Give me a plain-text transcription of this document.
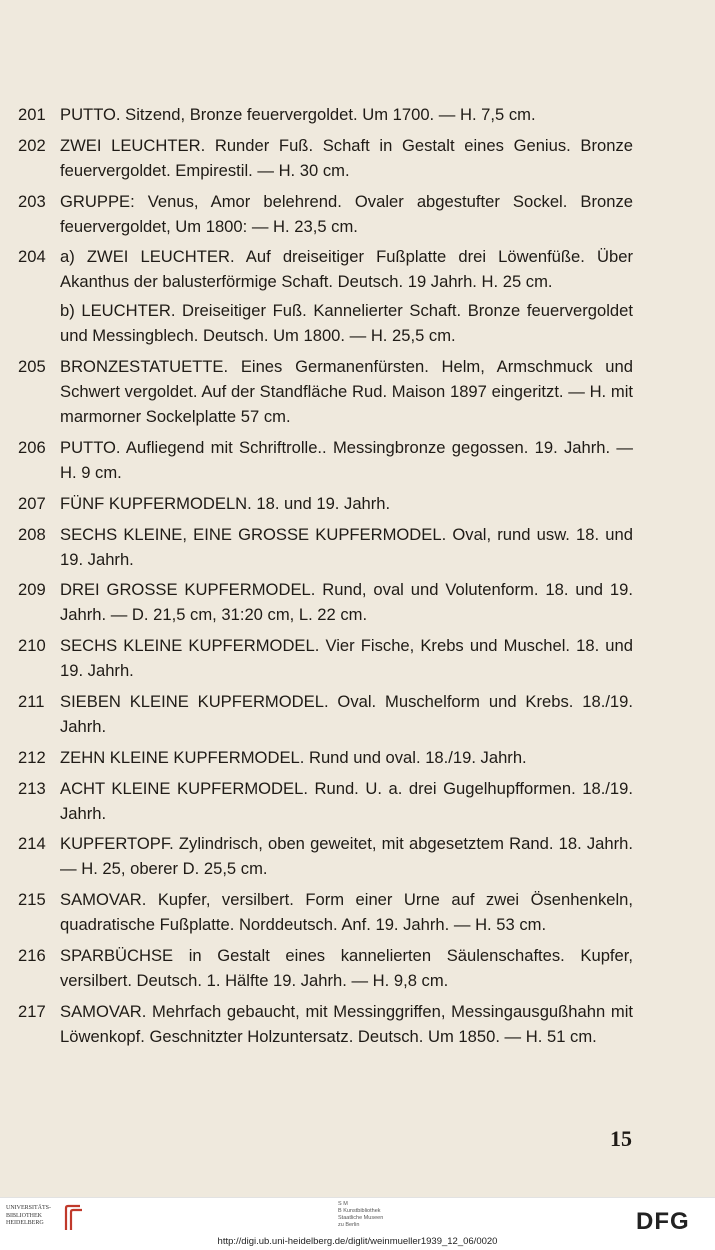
201 PUTTO. Sitzend, Bronze feuervergoldet. Um 1700. — H. 7,5 cm.
202 ZWEI LEUCHTER. Runder Fuß. Schaft in Gestalt eines Genius. Bronze feuervergoldet. Empirestil. — H. 30 cm.
203 GRUPPE: Venus, Amor belehrend. Ovaler abgestufter Sockel. Bronze feuervergoldet, Um 1800: — H. 23,5 cm.
204 a) ZWEI LEUCHTER. Auf dreiseitiger Fußplatte drei Löwenfüße. Über Akanthus der balusterförmige Schaft. Deutsch. 19 Jahrh. H. 25 cm.
b) LEUCHTER. Dreiseitiger Fuß. Kannelierter Schaft. Bronze feuervergoldet und Messingblech. Deutsch. Um 1800. — H. 25,5 cm.
205 BRONZESTATUETTE. Eines Germanenfürsten. Helm, Armschmuck und Schwert vergoldet. Auf der Standfläche Rud. Maison 1897 eingeritzt. — H. mit marmorner Sockelplatte 57 cm.
206 PUTTO. Aufliegend mit Schriftrolle.. Messingbronze gegossen. 19. Jahrh. — H. 9 cm.
207 FÜNF KUPFERMODELN. 18. und 19. Jahrh.
208 SECHS KLEINE, EINE GROSSE KUPFERMODEL. Oval, rund usw. 18. und 19. Jahrh.
209 DREI GROSSE KUPFERMODEL. Rund, oval und Volutenform. 18. und 19. Jahrh. — D. 21,5 cm, 31:20 cm, L. 22 cm.
210 SECHS KLEINE KUPFERMODEL. Vier Fische, Krebs und Muschel. 18. und 19. Jahrh.
211 SIEBEN KLEINE KUPFERMODEL. Oval. Muschelform und Krebs. 18./19. Jahrh.
212 ZEHN KLEINE KUPFERMODEL. Rund und oval. 18./19. Jahrh.
213 ACHT KLEINE KUPFERMODEL. Rund. U. a. drei Gugelhupfformen. 18./19. Jahrh.
214 KUPFERTOPF. Zylindrisch, oben geweitet, mit abgesetztem Rand. 18. Jahrh. — H. 25, oberer D. 25,5 cm.
215 SAMOVAR. Kupfer, versilbert. Form einer Urne auf zwei Ösenhenkeln, quadratische Fußplatte. Norddeutsch. Anf. 19. Jahrh. — H. 53 cm.
216 SPARBÜCHSE in Gestalt eines kannelierten Säulenschaftes. Kupfer, versilbert. Deutsch. 1. Hälfte 19. Jahrh. — H. 9,8 cm.
217 SAMOVAR. Mehrfach gebaucht, mit Messinggriffen, Messingausgußhahn mit Löwenkopf. Geschnitzter Holzuntersatz. Deutsch. Um 1850. — H. 51 cm.
15
UNIVERSITÄTS-
BIBLIOTHEK
HEIDELBERG
S M
B Kunstbibliothek
Staatliche Museen
zu Berlin	DFG
http://digi.ub.uni-heidelberg.de/diglit/weinmueller1939_12_06/0020
